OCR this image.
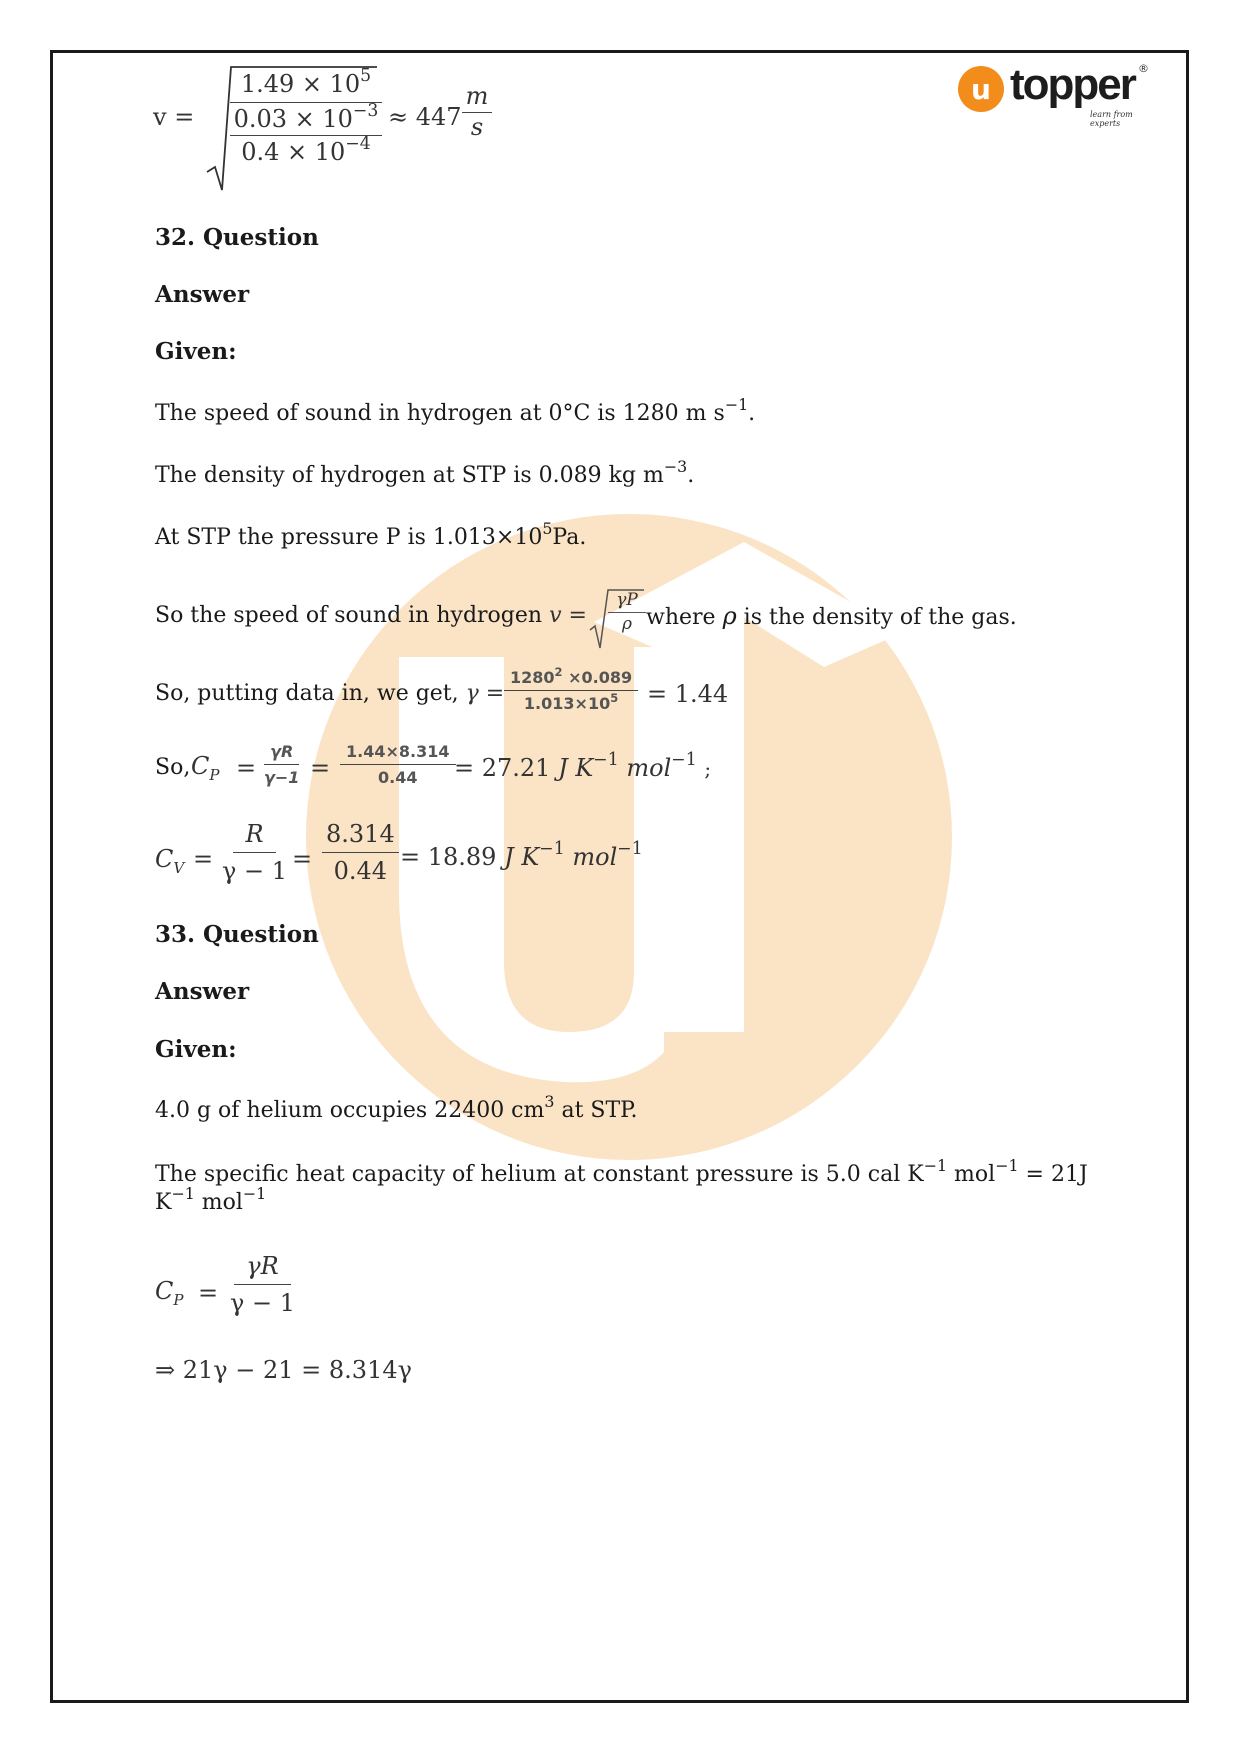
u topper
learn from experts
®
v =
$1.49 \times 10^5$
$0.03 \times 10^{-3}$
$0.4 \times 10^{-4}$
≈ 447
m
s
32. Question
Answer
Given:
The speed of sound in hydrogen at 0°C is 1280 m $s^{-1}$.
The density of hydrogen at STP is 0.089 kg $m^{-3}$.
At STP the pressure P is $1.013\times 10^5Pa$.
So the speed of sound in hydrogen v =
γP
ρ where ρ is the density of the gas.
So, putting data in, we get, $\gamma = \frac{1280^2 \times 0.089}{1.013\times 10^5} = 1.44$
So, $C_P = \frac{\gamma R}{\gamma-1} = \frac{1.44\times 8.314}{0.44}$
= 27.21 J $K^{-1}$ mol$^{-1}$ ;
$C_V = \frac{R}{\gamma - 1} = \frac{8.314}{0.44} = 18.89$ J $K^{-1}$ mol$^{-1}$
33. Question
Answer
Given:
4.0 g of helium occupies 22400 $cm^3$ at STP.
The specific heat capacity of helium at constant pressure is 5.0 cal $K^{-1}$ mol$^{-1}$ = 21J
$K^{-1}$ mol$^{-1}$
$C_P = \frac{\gamma R}{\gamma - 1}$
⇒ 21γ − 21 = 8.314γ
